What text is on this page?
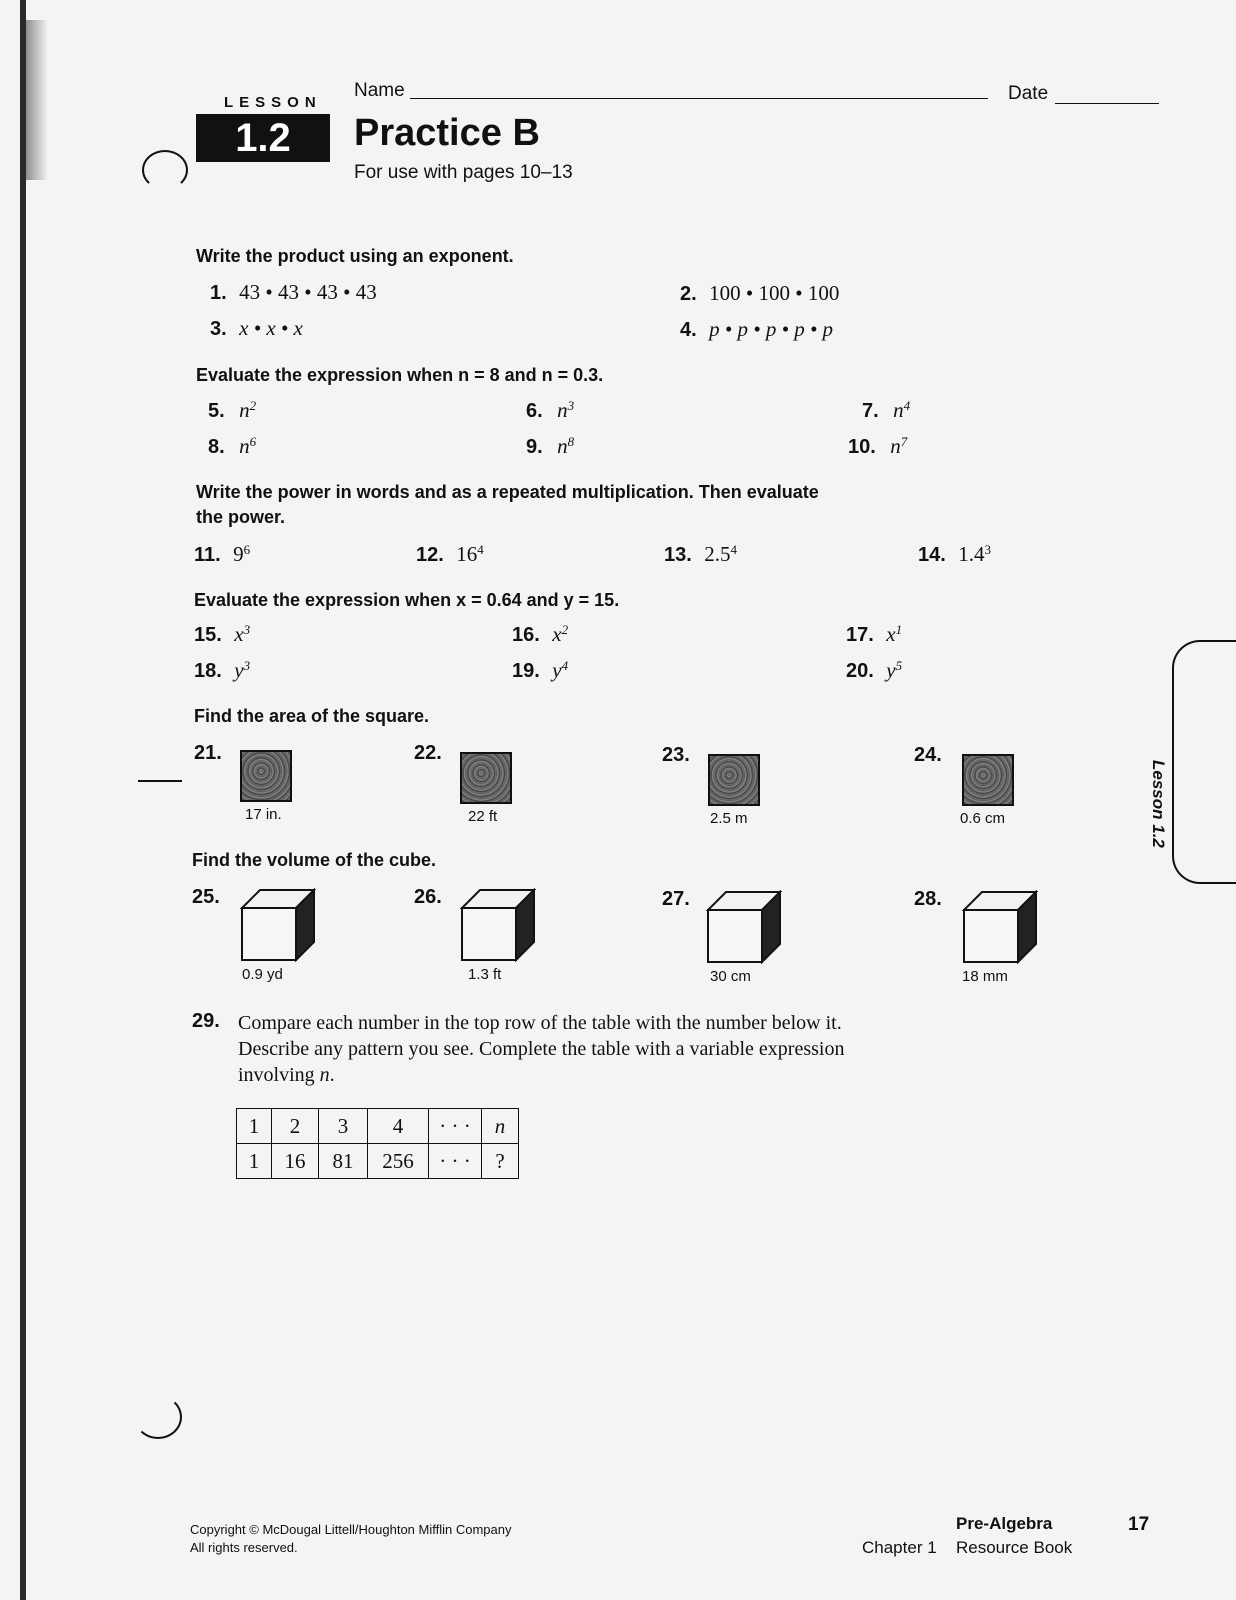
LESSON
1.2
Name	Date
Practice B
For use with pages 10–13
Write the product using an exponent.
1. 43 • 43 • 43 • 43	2. 100 • 100 • 100
3. x • x • x	4. p • p • p • p • p
Evaluate the expression when n = 8 and n = 0.3.
5. $n^2$	6. $n^3$	7. $n^4$
8. $n^6$	9. $n^8$	10. $n^7$
Write the power in words and as a repeated multiplication. Then evaluate
the power.
11. $9^6$	12. $16^4$	13. $2.5^4$	14. $1.4^3$
Evaluate the expression when x = 0.64 and y = 15.
15. $x^3$	16. $x^2$	17. $x^1$
18. $y^3$	19. $y^4$	20. $y^5$
Find the area of the square.
21.
17 in.
22.
22 ft
23.
2.5 m
24.
0.6 cm
Find the volume of the cube.
25.
0.9 yd
26.
1.3 ft
27.
30 cm
28.
18 mm
29. Compare each number in the top row of the table with the number below it.
Describe any pattern you see. Complete the table with a variable expression
involving n.
1	2	3	4	· · ·	n
1	16	81	256	· · ·	?
Lesson 1.2
Copyright © McDougal Littell/Houghton Mifflin Company
All rights reserved.
Pre-Algebra
Chapter 1 Resource Book
17
